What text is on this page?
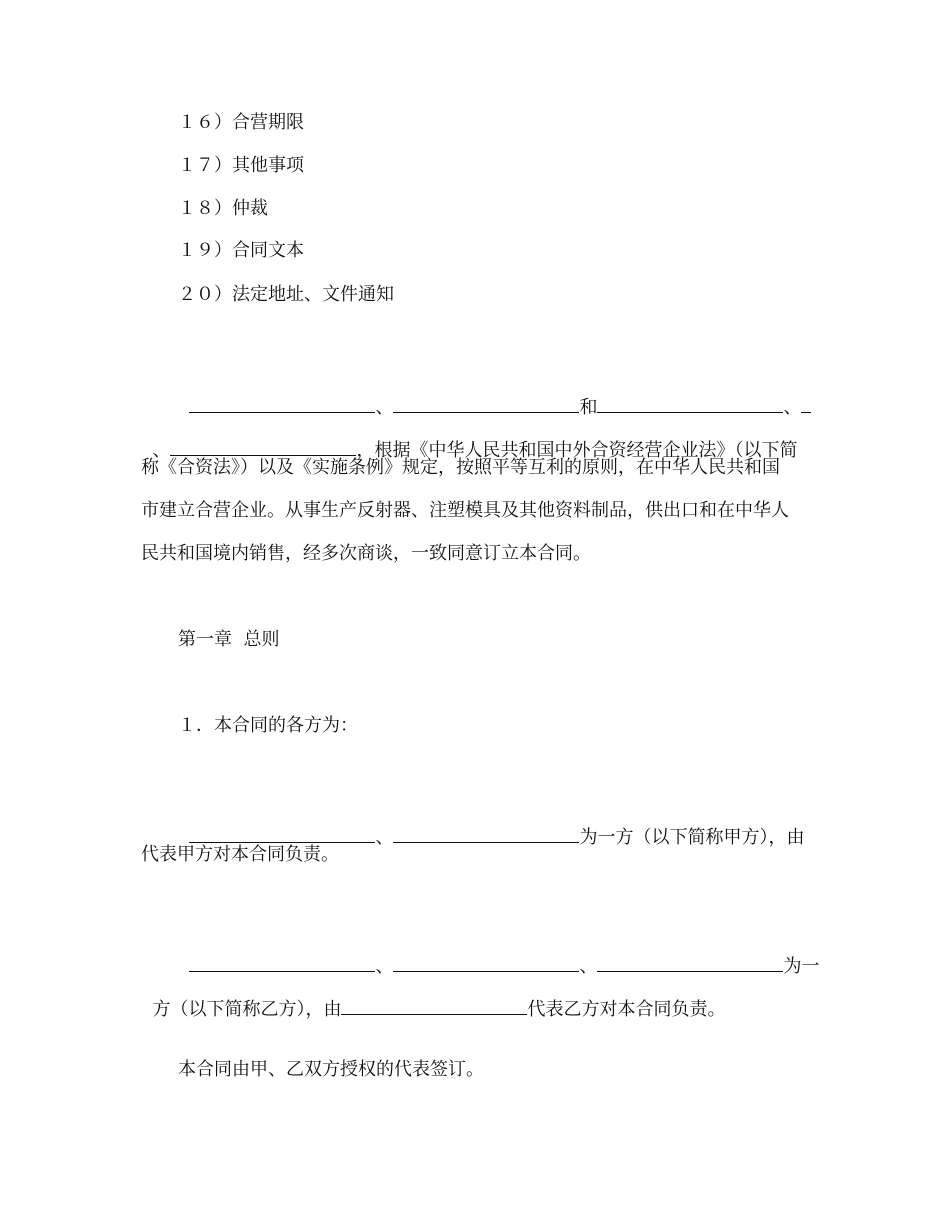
１６）合营期限
１７）其他事项
１８）仲裁
１９）合同文本
２０）法定地址、文件通知

、	和	、

、	，根据《中华人民共和国中外合资经营企业法》（以下简

称《合资法》）以及《实施条例》规定，按照平等互利的原则，在中华人民共和国
市建立合营企业。从事生产反射器、注塑模具及其他资料制品，供出口和在中华人
民共和国境内销售，经多次商谈，一致同意订立本合同。
第一章  总则
１．本合同的各方为：

、	为一方（以下简称甲方），由

代表甲方对本合同负责。

、	、	为一

方（以下简称乙方），由	代表乙方对本合同负责。

本合同由甲、乙双方授权的代表签订。
